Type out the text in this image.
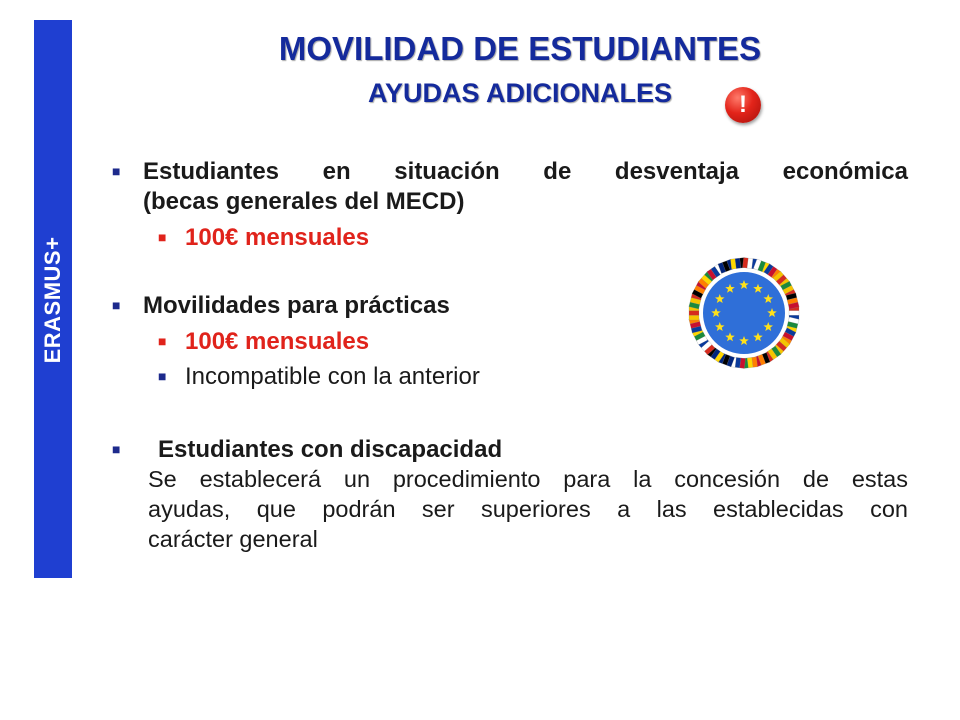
ERASMUS+
MOVILIDAD DE ESTUDIANTES
AYUDAS ADICIONALES	!
■ Estudiantes en situación de desventaja económica
(becas generales del MECD)
■ 100€ mensuales
■ Movilidades para prácticas
■ 100€ mensuales
■ Incompatible con la anterior
■ Estudiantes con discapacidad
Se establecerá un procedimiento para la concesión de estas
ayudas, que podrán ser superiores a las establecidas con
carácter general
